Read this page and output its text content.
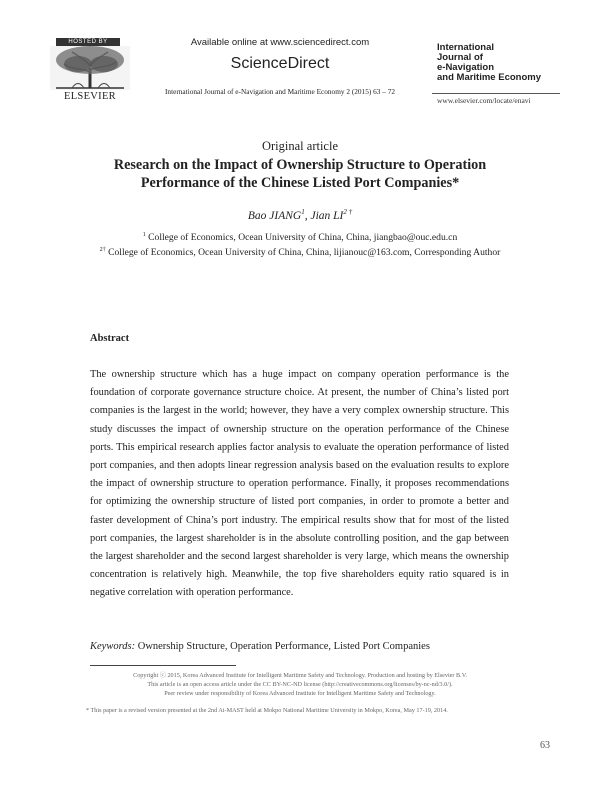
HOSTED BY
ELSEVIER
Available online at www.sciencedirect.com
ScienceDirect
International Journal of e-Navigation and Maritime Economy 2 (2015) 63 – 72
International
Journal of
e-Navigation
and Maritime Economy
www.elsevier.com/locate/enavi
Original article
Research on the Impact of Ownership Structure to Operation
Performance of the Chinese Listed Port Companies*
Bao JIANG$^1$, Jian $LI^{2 \dagger}$
$^1$ College of Economics, Ocean University of China, China, jiangbao@ouc.edu.cn
$^{2\dagger}$ College of Economics, Ocean University of China, China, lijianouc@163.com, Corresponding Author
Abstract
The ownership structure which has a huge impact on company operation performance is the foundation of corporate governance structure choice. At present, the number of China’s listed port companies is the largest in the world; however, they have a very complex ownership structure. This study discusses the impact of ownership structure on the operation performance of the Chinese ports. This empirical research applies factor analysis to evaluate the operation performance of listed port companies, and then adopts linear regression analysis based on the evaluation results to explore the impact of ownership structure to operation performance. Finally, it proposes recommendations for optimizing the ownership structure of listed port companies, in order to promote a better and faster development of China’s port industry. The empirical results show that for most of the listed port companies, the largest shareholder is in the absolute controlling position, and the gap between the largest shareholder and the second largest shareholder is very large, which means the ownership concentration is relatively high. Meanwhile, the top five shareholders equity ratio squared is in negative correlation with operation performance.
Keywords: Ownership Structure, Operation Performance, Listed Port Companies
Copyright ⓒ 2015, Korea Advanced Institute for Intelligent Maritime Safety and Technology. Production and hosting by Elsevier B.V.
This article is an open access article under the CC BY-NC-ND license (http://creativecommons.org/licenses/by-nc-nd/3.0/).
Peer review under responsibility of Korea Advanced Institute for Intelligent Maritime Safety and Technology.
* This paper is a revised version presented at the 2nd Ai-MAST held at Mokpo National Maritime University in Mokpo, Korea, May 17-19, 2014.
63
